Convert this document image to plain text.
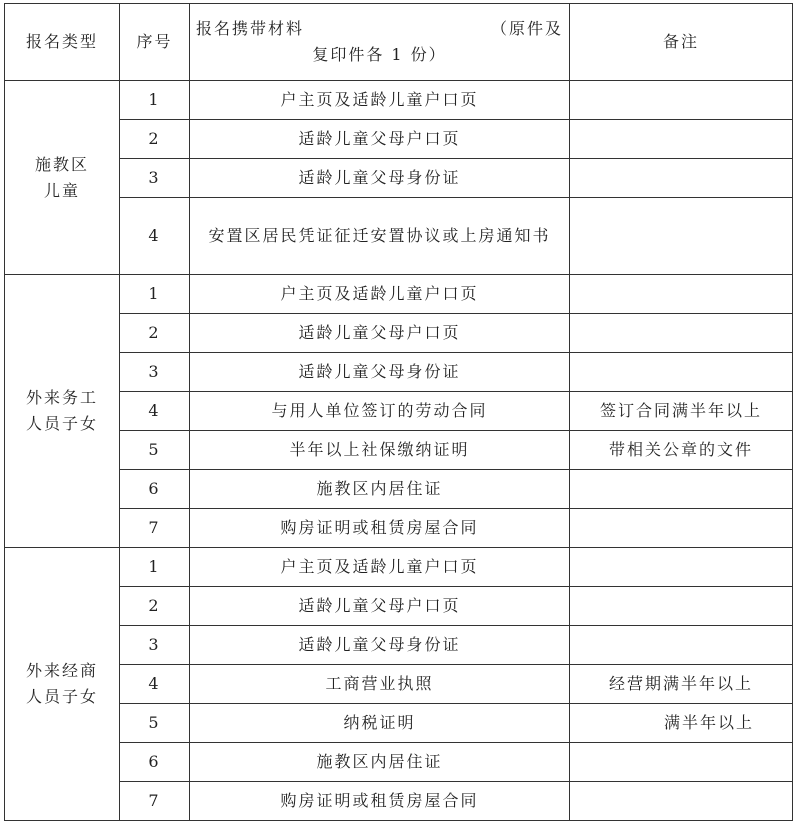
报名类型	序号	报名携带材料 （原件及
复印件各 1 份）	备注

施教区
儿童	1	户主页及适龄儿童户口页	
	2	适龄儿童父母户口页	
	3	适龄儿童父母身份证	
	4	安置区居民凭证征迁安置协议或上房通知书	

外来务工
人员子女	1	户主页及适龄儿童户口页	
	2	适龄儿童父母户口页	
	3	适龄儿童父母身份证	
	4	与用人单位签订的劳动合同	签订合同满半年以上
	5	半年以上社保缴纳证明	带相关公章的文件
	6	施教区内居住证	
	7	购房证明或租赁房屋合同	

外来经商
人员子女	1	户主页及适龄儿童户口页	
	2	适龄儿童父母户口页	
	3	适龄儿童父母身份证	
	4	工商营业执照	经营期满半年以上
	5	纳税证明	满半年以上
	6	施教区内居住证	
	7	购房证明或租赁房屋合同	
